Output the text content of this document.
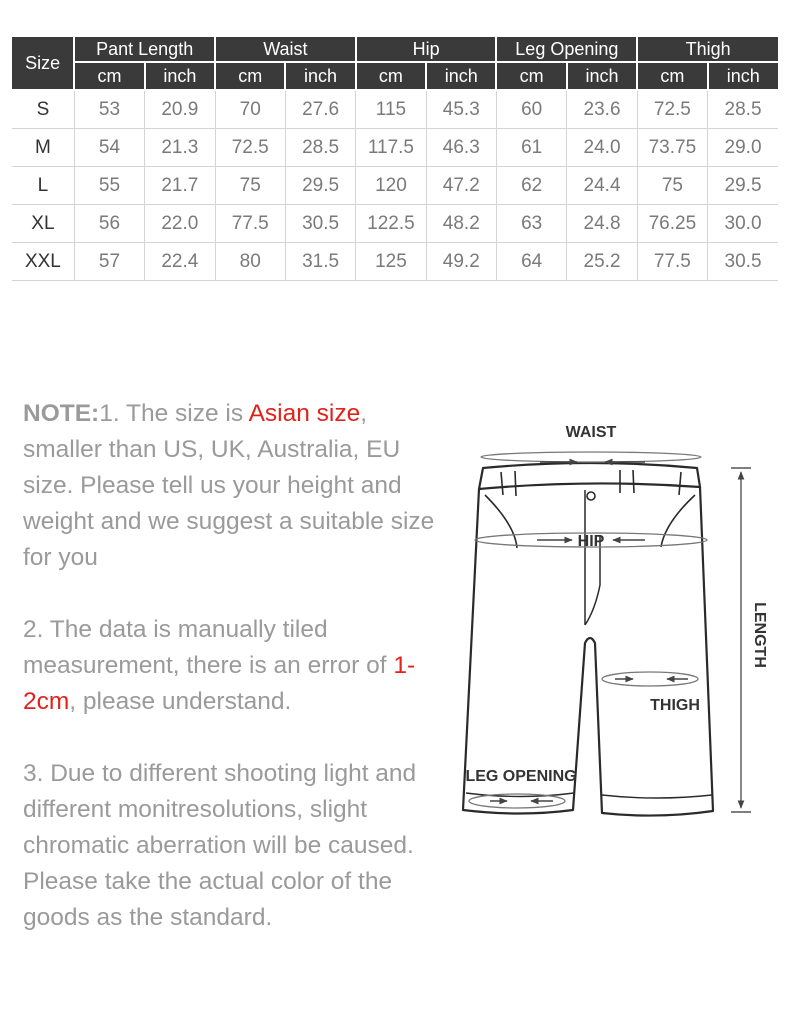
Size	Pant Length		Waist		Hip		Leg Opening		Thigh	
	cm	inch	cm	inch	cm	inch	cm	inch	cm	inch
S	53	20.9	70	27.6	115	45.3	60	23.6	72.5	28.5
M	54	21.3	72.5	28.5	117.5	46.3	61	24.0	73.75	29.0
L	55	21.7	75	29.5	120	47.2	62	24.4	75	29.5
XL	56	22.0	77.5	30.5	122.5	48.2	63	24.8	76.25	30.0
XXL	57	22.4	80	31.5	125	49.2	64	25.2	77.5	30.5

NOTE:1. The size is Asian size, smaller than US, UK, Australia, EU size. Please tell us your height and weight and we suggest a suitable size for you

2. The data is manually tiled measurement, there is an error of 1-2cm, please understand.

3. Due to different shooting light and different monitresolutions, slight chromatic aberration will be caused. Please take the actual color of the goods as the standard.

WAIST
HIP
THIGH
LEG OPENING
LENGTH
